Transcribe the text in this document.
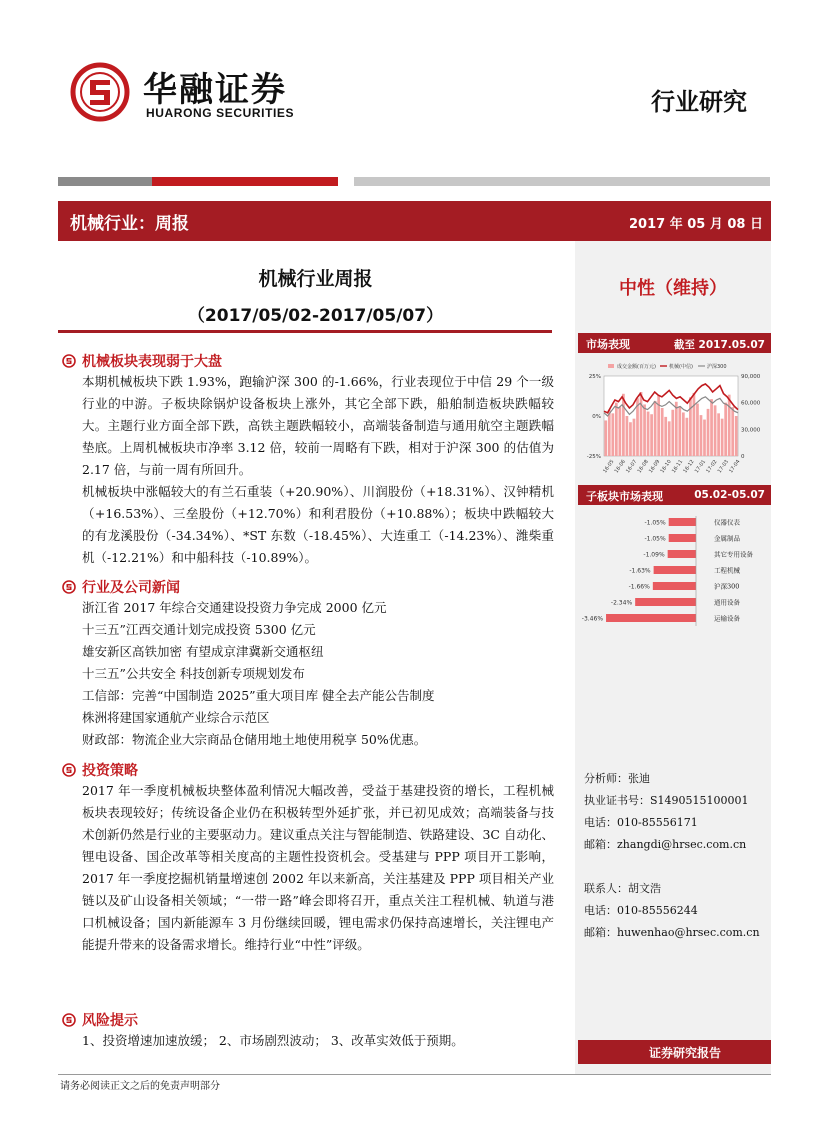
华融证券
HUARONG SECURITIES	行业研究
机械行业：周报	2017 年 05 月 08 日
机械行业周报
（2017/05/02-2017/05/07）
中性（维持）
市场表现	截至 2017.05.07
成交金额(百万元)	机械(中信)	沪深300
25%
0%
-25%
90,000
60,000
30,000
0
16-05
16-06
16-07
16-08
16-09
16-10
16-11
16-12
17-01
17-02
17-03
17-04
子板块市场表现	05.02-05.07
-1.05%	仪器仪表
-1.05%	金属制品
-1.09%	其它专用设备
-1.63%	工程机械
-1.66%	沪深300
-2.34%	通用设备
-3.46%	运输设备
机械板块表现弱于大盘
本期机械板块下跌 1.93%，跑输沪深 300 的-1.66%，行业表现位于中信 29 个一级行业的中游。子板块除锅炉设备板块上涨外，其它全部下跌，船舶制造板块跌幅较大。主题行业方面全部下跌，高铁主题跌幅较小，高端装备制造与通用航空主题跌幅垫底。上周机械板块市净率 3.12 倍，较前一周略有下跌，相对于沪深 300 的估值为 2.17 倍，与前一周有所回升。
机械板块中涨幅较大的有兰石重装（+20.90%）、川润股份（+18.31%）、汉钟精机（+16.53%）、三垒股份（+12.70%）和利君股份（+10.88%）；板块中跌幅较大的有龙溪股份（-34.34%）、*ST 东数（-18.45%）、大连重工（-14.23%）、潍柴重机（-12.21%）和中船科技（-10.89%）。
行业及公司新闻
浙江省 2017 年综合交通建设投资力争完成 2000 亿元
十三五”江西交通计划完成投资 5300 亿元
雄安新区高铁加密 有望成京津冀新交通枢纽
十三五”公共安全 科技创新专项规划发布
工信部：完善“中国制造 2025”重大项目库 健全去产能公告制度
株洲将建国家通航产业综合示范区
财政部：物流企业大宗商品仓储用地土地使用税享 50%优惠。
投资策略
2017 年一季度机械板块整体盈利情况大幅改善，受益于基建投资的增长，工程机械板块表现较好；传统设备企业仍在积极转型外延扩张，并已初见成效；高端装备与技术创新仍然是行业的主要驱动力。建议重点关注与智能制造、铁路建设、3C 自动化、锂电设备、国企改革等相关度高的主题性投资机会。受基建与 PPP 项目开工影响，2017 年一季度挖掘机销量增速创 2002 年以来新高，关注基建及 PPP 项目相关产业链以及矿山设备相关领域；“一带一路”峰会即将召开，重点关注工程机械、轨道与港口机械设备；国内新能源车 3 月份继续回暖，锂电需求仍保持高速增长，关注锂电产能提升带来的设备需求增长。维持行业“中性”评级。
风险提示
1、投资增速加速放缓； 2、市场剧烈波动； 3、改革实效低于预期。
分析师：张迪
执业证书号：S1490515100001
电话：010-85556171
邮箱：zhangdi@hrsec.com.cn
联系人：胡文浩
电话：010-85556244
邮箱：huwenhao@hrsec.com.cn
证券研究报告
请务必阅读正文之后的免责声明部分
